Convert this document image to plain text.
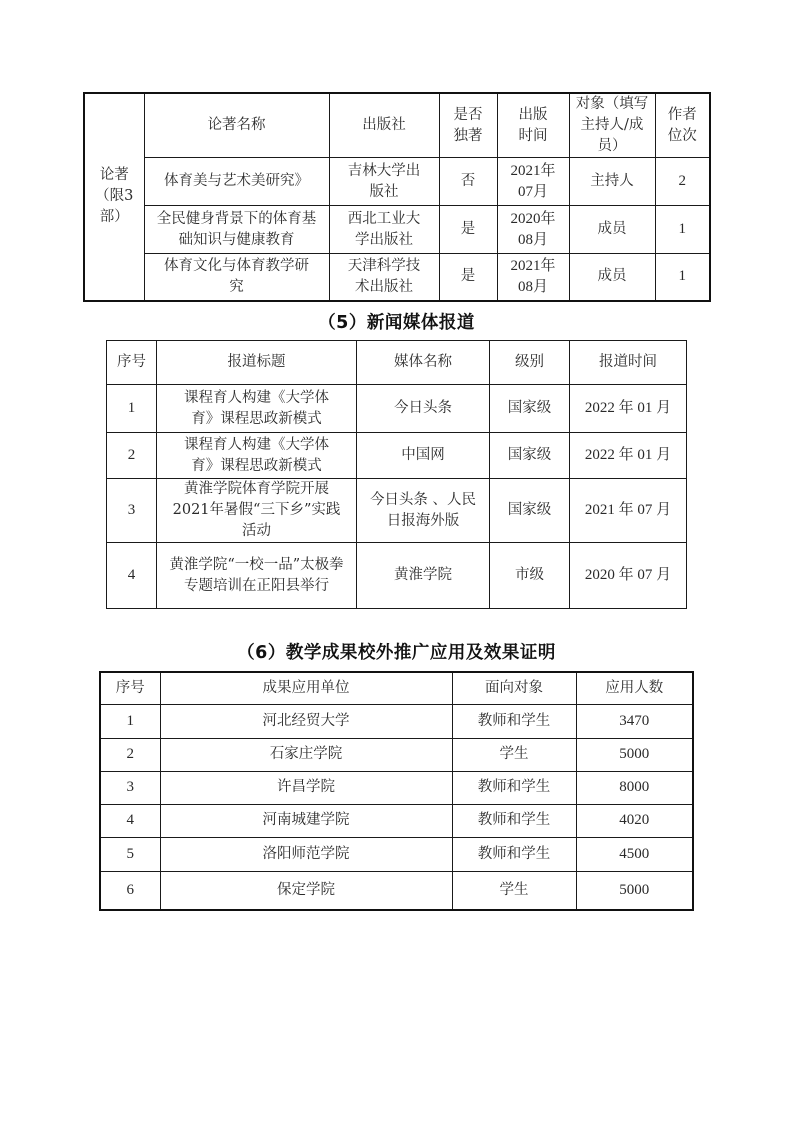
论著（限3部）	论著名称	出版社	是否独著	出版时间	对象（填写主持人/成员）	作者位次
	体育美与艺术美研究》	吉林大学出版社	否	2021年07月	主持人	2
	全民健身背景下的体育基础知识与健康教育	西北工业大学出版社	是	2020年08月	成员	1
	体育文化与体育教学研究	天津科学技术出版社	是	2021年08月	成员	1
（5）新闻媒体报道
序号	报道标题	媒体名称	级别	报道时间
1	课程育人构建《大学体育》课程思政新模式	今日头条	国家级	2022 年 01 月
2	课程育人构建《大学体育》课程思政新模式	中国网	国家级	2022 年 01 月
3	黄淮学院体育学院开展2021年暑假“三下乡”实践活动	今日头条 、人民日报海外版	国家级	2021 年 07 月
4	黄淮学院“一校一品”太极拳专题培训在正阳县举行	黄淮学院	市级	2020 年 07 月
（6）教学成果校外推广应用及效果证明
序号	成果应用单位	面向对象	应用人数
1	河北经贸大学	教师和学生	3470
2	石家庄学院	学生	5000
3	许昌学院	教师和学生	8000
4	河南城建学院	教师和学生	4020
5	洛阳师范学院	教师和学生	4500
6	保定学院	学生	5000
